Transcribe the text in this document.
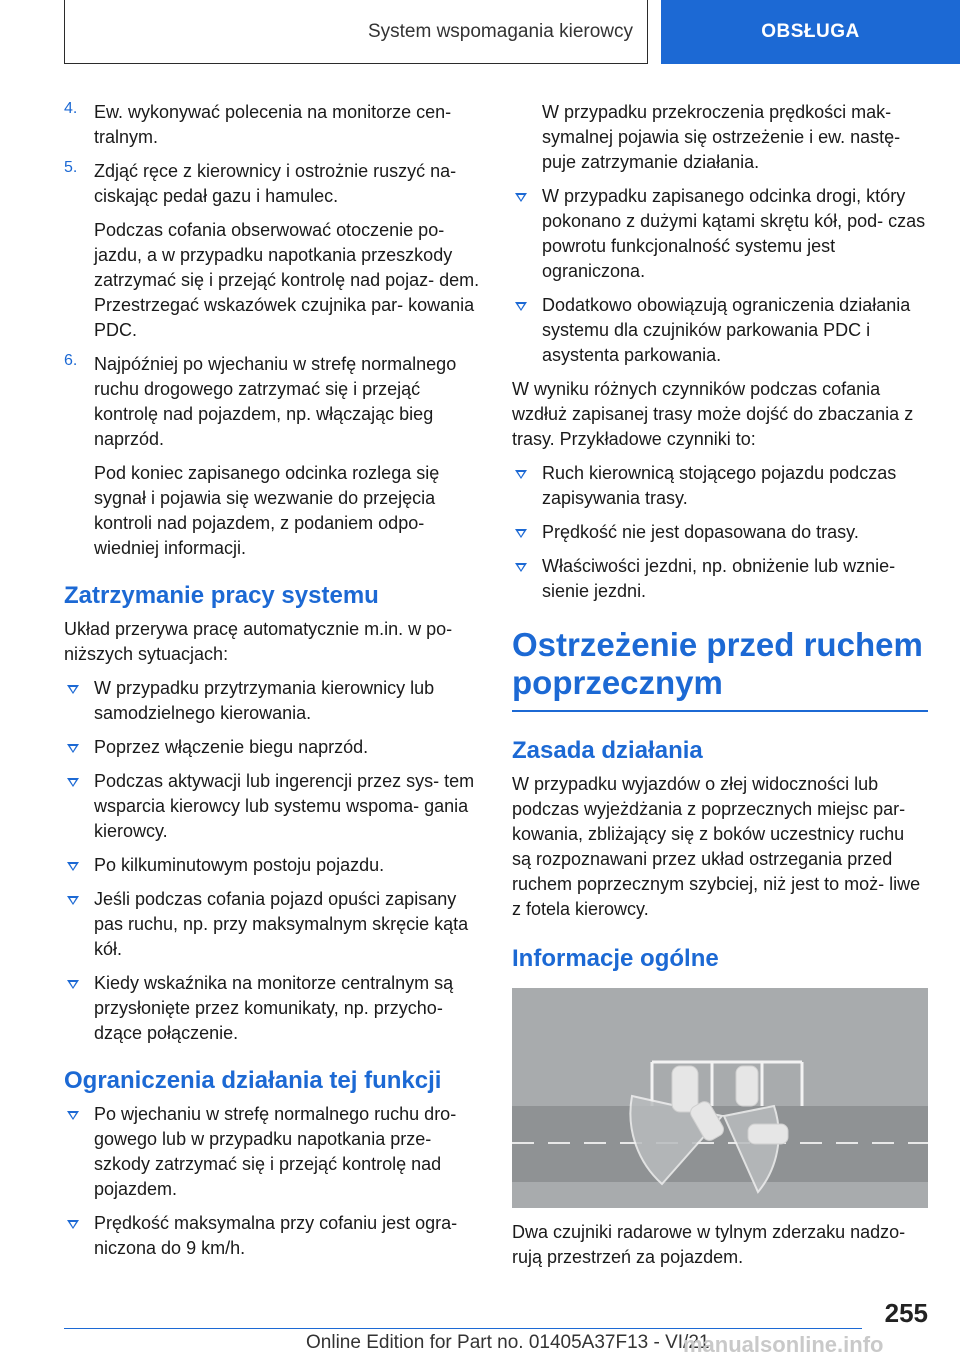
System wspomagania kierowcy	OBSŁUGA
4. Ew. wykonywać polecenia na monitorze cen- tralnym.

5. Zdjąć ręce z kierownicy i ostrożnie ruszyć na- ciskając pedał gazu i hamulec.

Podczas cofania obserwować otoczenie po- jazdu, a w przypadku napotkania przeszkody zatrzymać się i przejąć kontrolę nad pojaz- dem. Przestrzegać wskazówek czujnika par- kowania PDC.

6. Najpóźniej po wjechaniu w strefę normalnego ruchu drogowego zatrzymać się i przejąć kontrolę nad pojazdem, np. włączając bieg naprzód.

Pod koniec zapisanego odcinka rozlega się sygnał i pojawia się wezwanie do przejęcia kontroli nad pojazdem, z podaniem odpo- wiedniej informacji.

Zatrzymanie pracy systemu

Układ przerywa pracę automatycznie m.in. w po- niższych sytuacjach:

W przypadku przytrzymania kierownicy lub samodzielnego kierowania.
Poprzez włączenie biegu naprzód.
Podczas aktywacji lub ingerencji przez sys- tem wsparcia kierowcy lub systemu wspoma- gania kierowcy.
Po kilkuminutowym postoju pojazdu.
Jeśli podczas cofania pojazd opuści zapisany pas ruchu, np. przy maksymalnym skręcie kąta kół.
Kiedy wskaźnika na monitorze centralnym są przysłonięte przez komunikaty, np. przycho- dzące połączenie.
Ograniczenia działania tej funkcji
Po wjechaniu w strefę normalnego ruchu dro- gowego lub w przypadku napotkania prze- szkody zatrzymać się i przejąć kontrolę nad pojazdem.
Prędkość maksymalna przy cofaniu jest ogra- niczona do 9 km/h.

W przypadku przekroczenia prędkości mak- symalnej pojawia się ostrzeżenie i ew. nastę- puje zatrzymanie działania.

W przypadku zapisanego odcinka drogi, który pokonano z dużymi kątami skrętu kół, pod- czas powrotu funkcjonalność systemu jest ograniczona.
Dodatkowo obowiązują ograniczenia działania systemu dla czujników parkowania PDC i asystenta parkowania.

W wyniku różnych czynników podczas cofania wzdłuż zapisanej trasy może dojść do zbaczania z trasy. Przykładowe czynniki to:

Ruch kierownicą stojącego pojazdu podczas zapisywania trasy.
Prędkość nie jest dopasowana do trasy.
Właściwości jezdni, np. obniżenie lub wznie- sienie jezdni.
Ostrzeżenie przed ruchem poprzecznym
Zasada działania

W przypadku wyjazdów o złej widoczności lub podczas wyjeżdżania z poprzecznych miejsc par- kowania, zbliżający się z boków uczestnicy ruchu są rozpoznawani przez układ ostrzegania przed ruchem poprzecznym szybciej, niż jest to moż- liwe z fotela kierowcy.

Informacje ogólne

Dwa czujniki radarowe w tylnym zderzaku nadzo- rują przestrzeń za pojazdem.

255
Online Edition for Part no. 01405A37F13 - VI/21
manualsonline.info
